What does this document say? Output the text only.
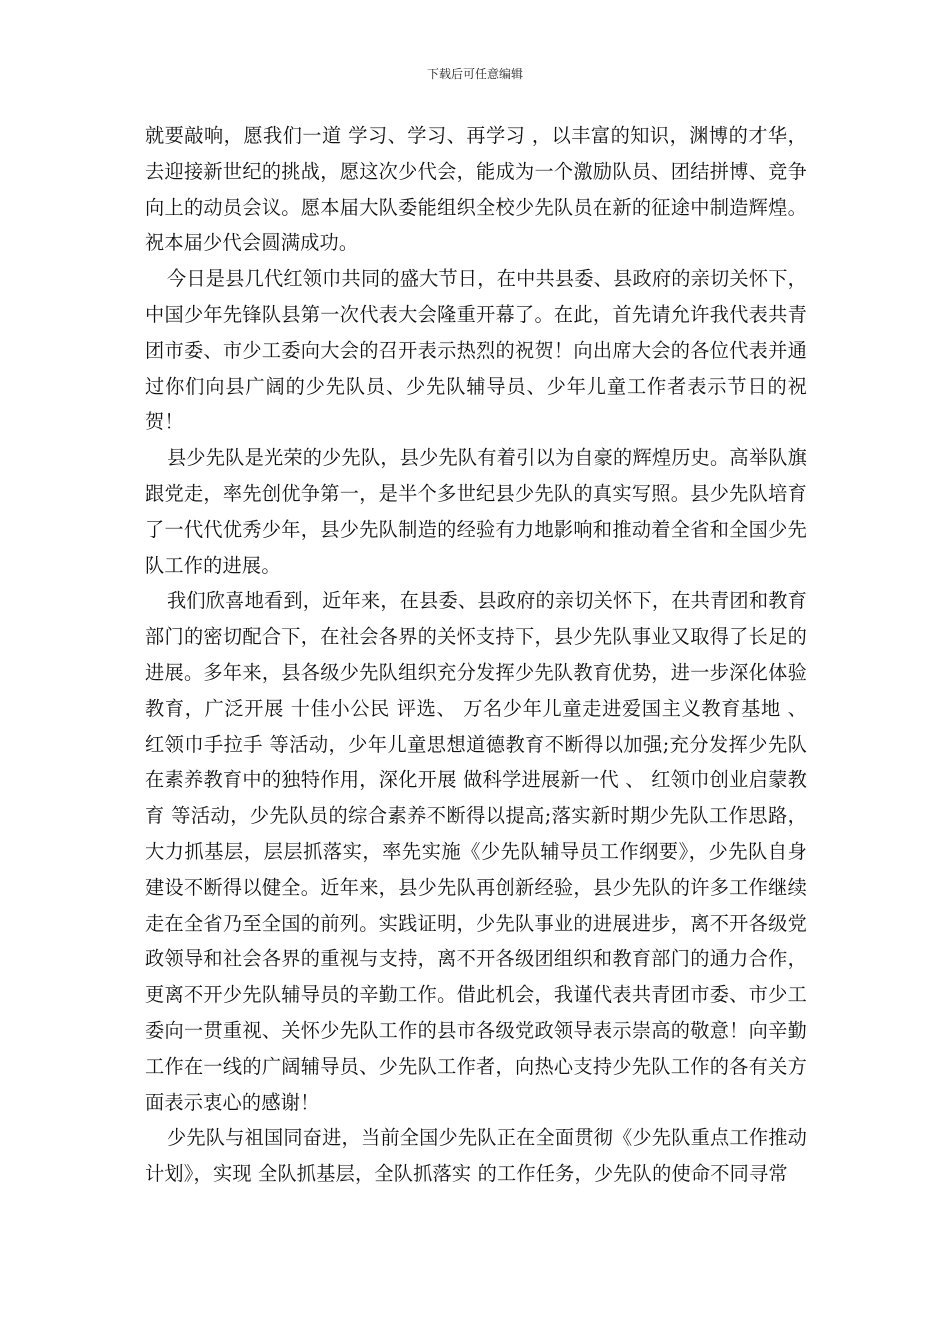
下载后可任意编辑

就要敲响，愿我们一道 学习、学习、再学习 ，以丰富的知识，渊博的才华，去迎接新世纪的挑战，愿这次少代会，能成为一个激励队员、团结拼博、竞争向上的动员会议。愿本届大队委能组织全校少先队员在新的征途中制造辉煌。祝本届少代会圆满成功。

今日是县几代红领巾共同的盛大节日，在中共县委、县政府的亲切关怀下，中国少年先锋队县第一次代表大会隆重开幕了。在此，首先请允许我代表共青团市委、市少工委向大会的召开表示热烈的祝贺！向出席大会的各位代表并通过你们向县广阔的少先队员、少先队辅导员、少年儿童工作者表示节日的祝贺！

县少先队是光荣的少先队，县少先队有着引以为自豪的辉煌历史。高举队旗跟党走，率先创优争第一，是半个多世纪县少先队的真实写照。县少先队培育了一代代优秀少年，县少先队制造的经验有力地影响和推动着全省和全国少先队工作的进展。

我们欣喜地看到，近年来，在县委、县政府的亲切关怀下，在共青团和教育部门的密切配合下，在社会各界的关怀支持下，县少先队事业又取得了长足的进展。多年来，县各级少先队组织充分发挥少先队教育优势，进一步深化体验教育，广泛开展 十佳小公民 评选、 万名少年儿童走进爱国主义教育基地 、红领巾手拉手 等活动，少年儿童思想道德教育不断得以加强;充分发挥少先队在素养教育中的独特作用，深化开展 做科学进展新一代 、 红领巾创业启蒙教育 等活动，少先队员的综合素养不断得以提高;落实新时期少先队工作思路，大力抓基层，层层抓落实，率先实施《少先队辅导员工作纲要》，少先队自身建设不断得以健全。近年来，县少先队再创新经验，县少先队的许多工作继续走在全省乃至全国的前列。实践证明，少先队事业的进展进步，离不开各级党政领导和社会各界的重视与支持，离不开各级团组织和教育部门的通力合作，更离不开少先队辅导员的辛勤工作。借此机会，我谨代表共青团市委、市少工委向一贯重视、关怀少先队工作的县市各级党政领导表示崇高的敬意！向辛勤工作在一线的广阔辅导员、少先队工作者，向热心支持少先队工作的各有关方面表示衷心的感谢！

少先队与祖国同奋进，当前全国少先队正在全面贯彻《少先队重点工作推动计划》，实现 全队抓基层，全队抓落实 的工作任务，少先队的使命不同寻常
